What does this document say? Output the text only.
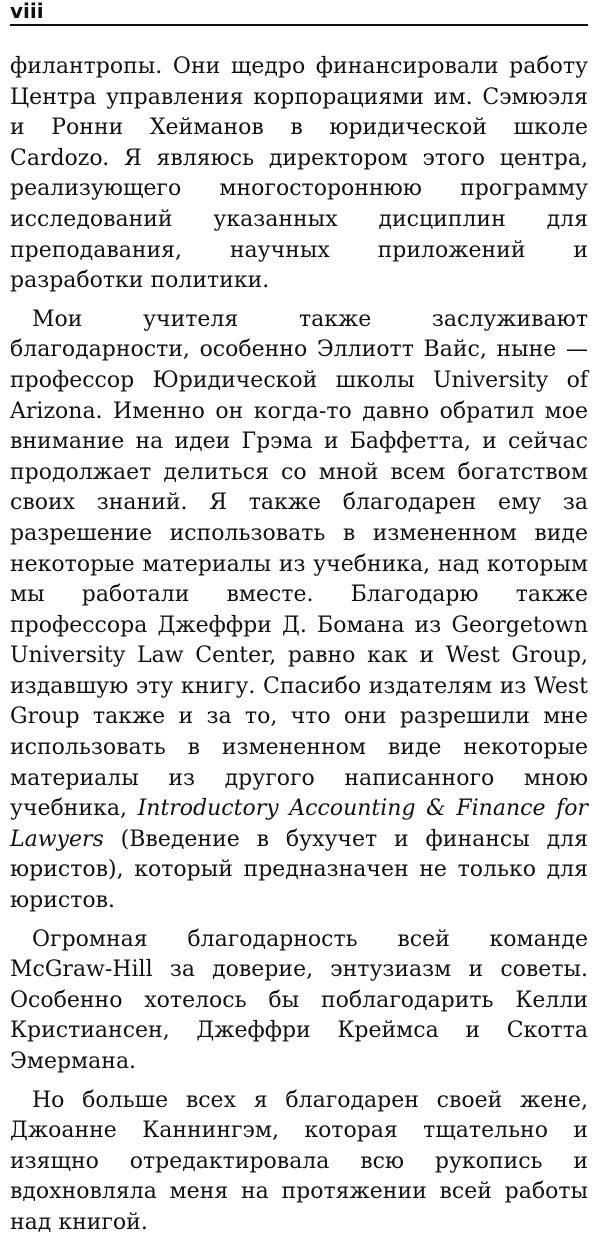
viii

филантропы. Они щедро финансировали работу Центра управления корпорациями им. Сэмюэля и Ронни Хейманов в юридической школе Cardozo. Я являюсь директором этого центра, реализующего многостороннюю программу исследований указанных дисциплин для преподавания, научных приложений и разработки политики.

Мои учителя также заслуживают благодарности, особенно Эллиотт Вайс, ныне — профессор Юридической школы University of Arizona. Именно он когда-то давно обратил мое внимание на идеи Грэма и Баффетта, и сейчас продолжает делиться со мной всем богатством своих знаний. Я также благодарен ему за разрешение использовать в измененном виде некоторые материалы из учебника, над которым мы работали вместе. Благодарю также профессора Джеффри Д. Бомана из Georgetown University Law Center, равно как и West Group, издавшую эту книгу. Спасибо издателям из West Group также и за то, что они разрешили мне использовать в измененном виде некоторые материалы из другого написанного мною учебника, Introductory Accounting & Finance for Lawyers (Введение в бухучет и финансы для юристов), который предназначен не только для юристов.

Огромная благодарность всей команде McGraw-Hill за доверие, энтузиазм и советы. Особенно хотелось бы поблагодарить Келли Кристиансен, Джеффри Креймса и Скотта Эмермана.

Но больше всех я благодарен своей жене, Джоанне Каннингэм, которая тщательно и изящно отредактировала всю рукопись и вдохновляла меня на протяжении всей работы над книгой.
